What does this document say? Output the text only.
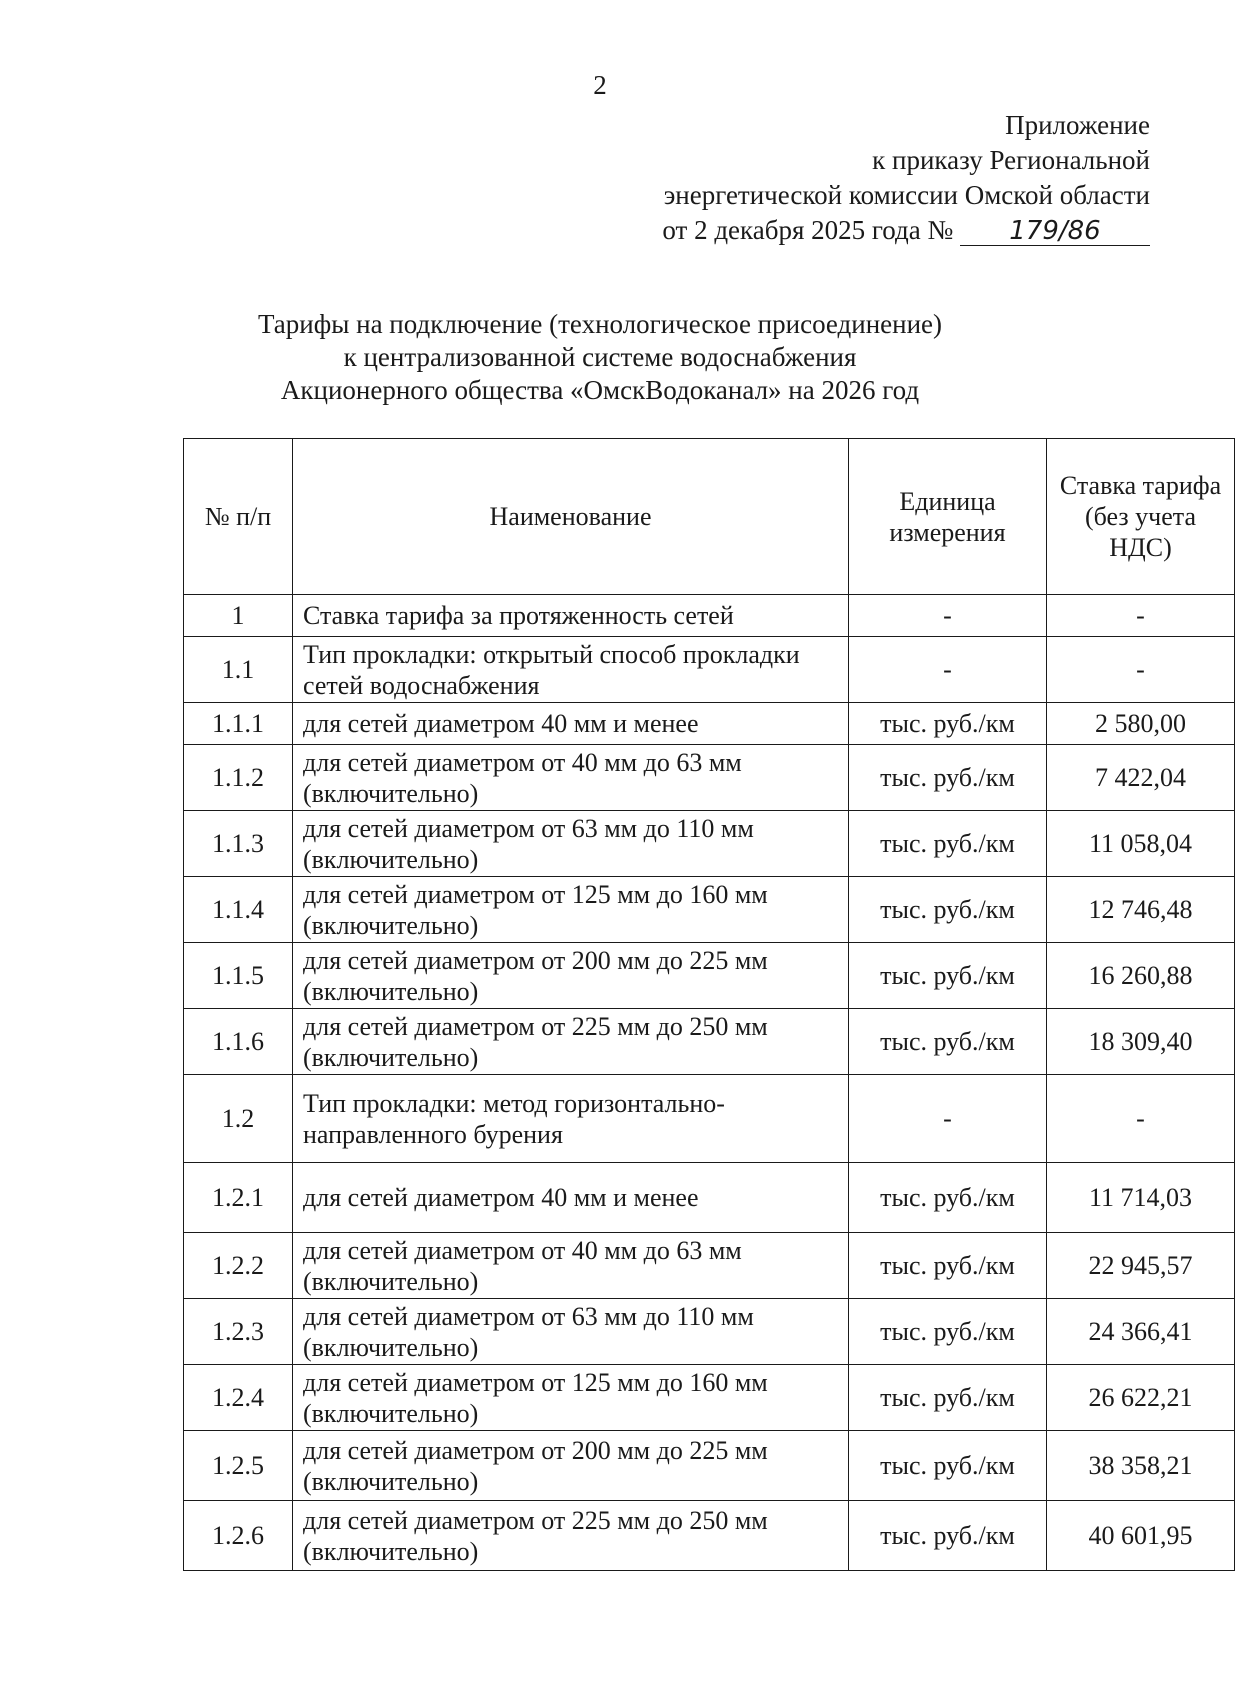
2
Приложение
к приказу Региональной
энергетической комиссии Омской области
от 2 декабря 2025 года № 179/86
Тарифы на подключение (технологическое присоединение)
к централизованной системе водоснабжения
Акционерного общества «ОмскВодоканал» на 2026 год
№ п/п	Наименование	Единица измерения	Ставка тарифа (без учета НДС)
1	Ставка тарифа за протяженность сетей	-	-
1.1	Тип прокладки: открытый способ прокладки сетей водоснабжения	-	-
1.1.1	для сетей диаметром 40 мм и менее	тыс. руб./км	2 580,00
1.1.2	для сетей диаметром от 40 мм до 63 мм (включительно)	тыс. руб./км	7 422,04
1.1.3	для сетей диаметром от 63 мм до 110 мм (включительно)	тыс. руб./км	11 058,04
1.1.4	для сетей диаметром от 125 мм до 160 мм (включительно)	тыс. руб./км	12 746,48
1.1.5	для сетей диаметром от 200 мм до 225 мм (включительно)	тыс. руб./км	16 260,88
1.1.6	для сетей диаметром от 225 мм до 250 мм (включительно)	тыс. руб./км	18 309,40
1.2	Тип прокладки: метод горизонтально-направленного бурения	-	-
1.2.1	для сетей диаметром 40 мм и менее	тыс. руб./км	11 714,03
1.2.2	для сетей диаметром от 40 мм до 63 мм (включительно)	тыс. руб./км	22 945,57
1.2.3	для сетей диаметром от 63 мм до 110 мм (включительно)	тыс. руб./км	24 366,41
1.2.4	для сетей диаметром от 125 мм до 160 мм (включительно)	тыс. руб./км	26 622,21
1.2.5	для сетей диаметром от 200 мм до 225 мм (включительно)	тыс. руб./км	38 358,21
1.2.6	для сетей диаметром от 225 мм до 250 мм (включительно)	тыс. руб./км	40 601,95
